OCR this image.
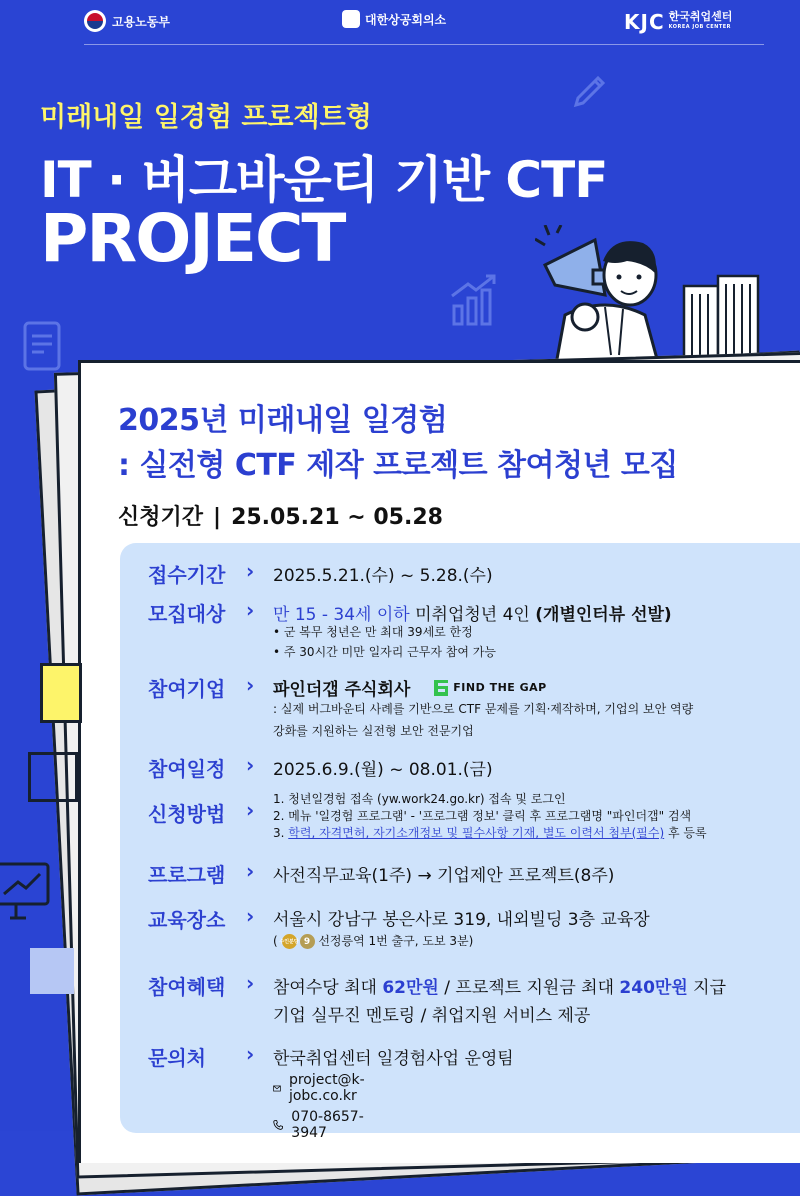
고용노동부	대한상공회의소	KJC 한국취업센터
KOREA JOB CENTER
미래내일 일경험 프로젝트형
IT · 버그바운티 기반 CTF
PROJECT
2025년 미래내일 일경험
: 실전형 CTF 제작 프로젝트 참여청년 모집
신청기간 | 25.05.21 ~ 05.28
접수기간 › 2025.5.21.(수) ~ 5.28.(수)
모집대상 › 만 15 - 34세 이하 미취업청년 4인 (개별인터뷰 선발)
• 군 복무 청년은 만 최대 39세로 한정
• 주 30시간 미만 일자리 근무자 참여 가능
참여기업 › 파인더갭 주식회사	FIND THE GAP
: 실제 버그바운티 사례를 기반으로 CTF 문제를 기획·제작하며, 기업의 보안 역량
강화를 지원하는 실전형 보안 전문기업
참여일정 › 2025.6.9.(월) ~ 08.01.(금)
신청방법 › 1. 청년일경험 접속 (yw.work24.go.kr) 접속 및 로그인
2. 메뉴 '일경험 프로그램' - '프로그램 정보' 클릭 후 프로그램명 "파인더갭" 검색
3. 학력, 자격면허, 자기소개정보 및 필수사항 기재, 별도 이력서 첨부(필수) 후 등록
프로그램 › 사전직무교육(1주) → 기업제안 프로젝트(8주)
교육장소 › 서울시 강남구 봉은사로 319, 내외빌딩 3층 교육장
( 수인분당 9 선정릉역 1번 출구, 도보 3분)
참여혜택 › 참여수당 최대 62만원 / 프로젝트 지원금 최대 240만원 지급
기업 실무진 멘토링 / 취업지원 서비스 제공
문의처 › 한국취업센터 일경험사업 운영팀
project@k-jobc.co.kr
070-8657-3947
